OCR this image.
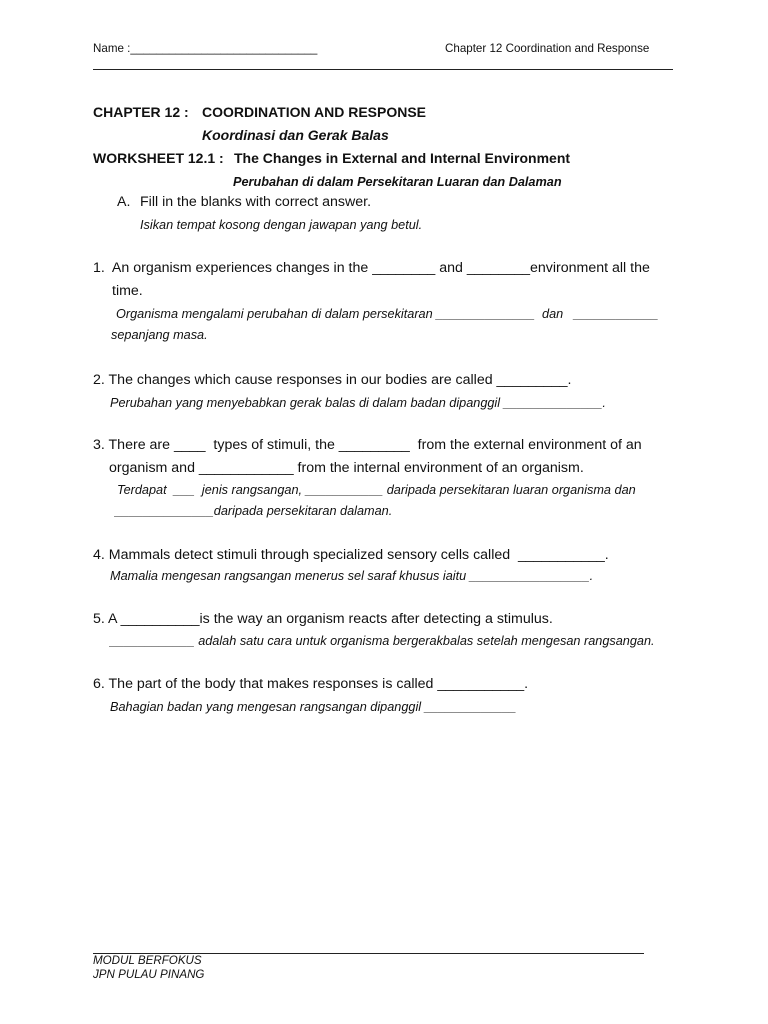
Name :_____________________________	Chapter 12 Coordination and Response
CHAPTER 12 : COORDINATION AND RESPONSE
Koordinasi dan Gerak Balas
WORKSHEET 12.1 : The Changes in External and Internal Environment
Perubahan di dalam Persekitaran Luaran dan Dalaman
A. Fill in the blanks with correct answer.
Isikan tempat kosong dengan jawapan yang betul.
1.  An organism experiences changes in the ________ and ________environment all the
time.
Organisma mengalami perubahan di dalam persekitaran ______________  dan   ____________
sepanjang masa.
2. The changes which cause responses in our bodies are called _________.
Perubahan yang menyebabkan gerak balas di dalam badan dipanggil ______________.
3. There are ____  types of stimuli, the _________  from the external environment of an
organism and ____________ from the internal environment of an organism.
Terdapat  ___  jenis rangsangan, ___________ daripada persekitaran luaran organisma dan
______________daripada persekitaran dalaman.
4. Mammals detect stimuli through specialized sensory cells called  ___________.
Mamalia mengesan rangsangan menerus sel saraf khusus iaitu _________________.
5. A __________is the way an organism reacts after detecting a stimulus.
____________ adalah satu cara untuk organisma bergerakbalas setelah mengesan rangsangan.
6. The part of the body that makes responses is called ___________.
Bahagian badan yang mengesan rangsangan dipanggil _____________
MODUL BERFOKUS
JPN PULAU PINANG
